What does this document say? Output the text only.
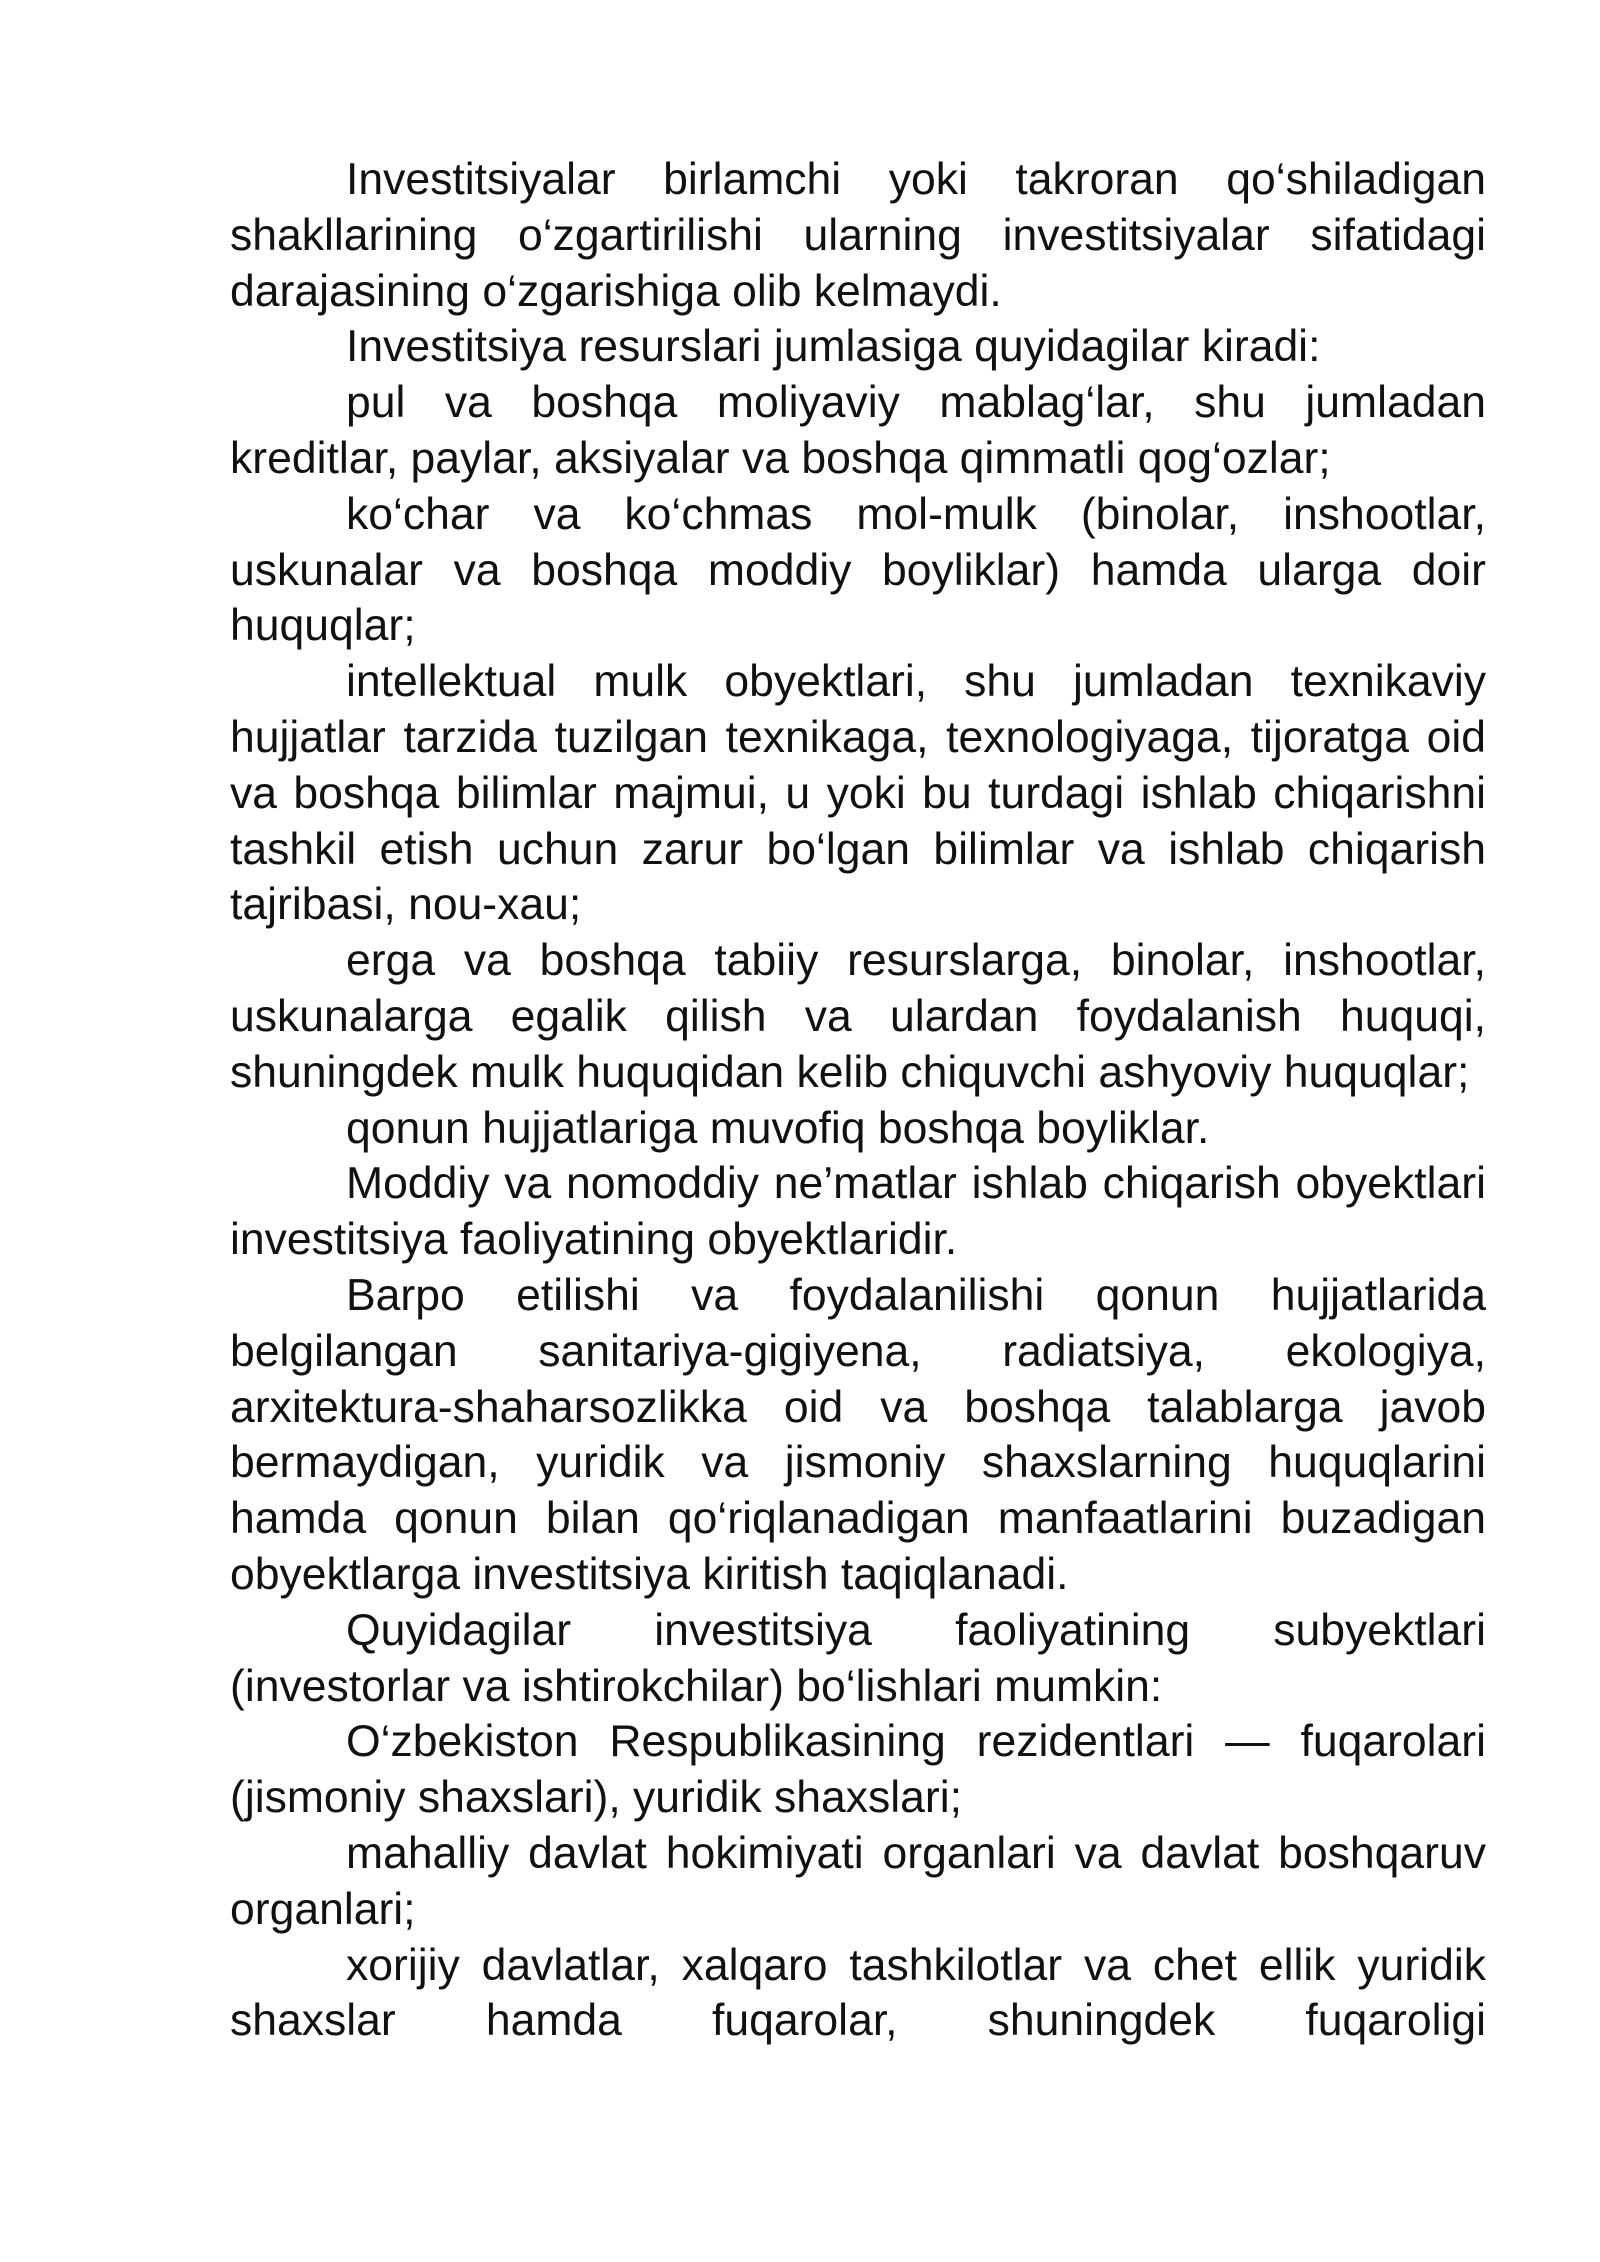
Investitsiyalar birlamchi yoki takroran qo‘shiladigan shakllarining o‘zgartirilishi ularning investitsiyalar sifatidagi darajasining o‘zgarishiga olib kelmaydi.

Investitsiya resurslari jumlasiga quyidagilar kiradi:

pul va boshqa moliyaviy mablag‘lar, shu jumladan kreditlar, paylar, aksiyalar va boshqa qimmatli qog‘ozlar;

ko‘char va ko‘chmas mol-mulk (binolar, inshootlar, uskunalar va boshqa moddiy boyliklar) hamda ularga doir huquqlar;

intellektual mulk obyektlari, shu jumladan texnikaviy hujjatlar tarzida tuzilgan texnikaga, texnologiyaga, tijoratga oid va boshqa bilimlar majmui, u yoki bu turdagi ishlab chiqarishni tashkil etish uchun zarur bo‘lgan bilimlar va ishlab chiqarish tajribasi, nou-xau;

erga va boshqa tabiiy resurslarga, binolar, inshootlar, uskunalarga egalik qilish va ulardan foydalanish huquqi, shuningdek mulk huquqidan kelib chiquvchi ashyoviy huquqlar;

qonun hujjatlariga muvofiq boshqa boyliklar.

Moddiy va nomoddiy ne’matlar ishlab chiqarish obyektlari investitsiya faoliyatining obyektlaridir.

Barpo etilishi va foydalanilishi qonun hujjatlarida belgilangan sanitariya-gigiyena, radiatsiya, ekologiya, arxitektura-shaharsozlikka oid va boshqa talablarga javob bermaydigan, yuridik va jismoniy shaxslarning huquqlarini hamda qonun bilan qo‘riqlanadigan manfaatlarini buzadigan obyektlarga investitsiya kiritish taqiqlanadi.

Quyidagilar investitsiya faoliyatining subyektlari (investorlar va ishtirokchilar) bo‘lishlari mumkin:

O‘zbekiston Respublikasining rezidentlari — fuqarolari (jismoniy shaxslari), yuridik shaxslari;

mahalliy davlat hokimiyati organlari va davlat boshqaruv organlari;

xorijiy davlatlar, xalqaro tashkilotlar va chet ellik yuridik shaxslar hamda fuqarolar, shuningdek fuqaroligi
